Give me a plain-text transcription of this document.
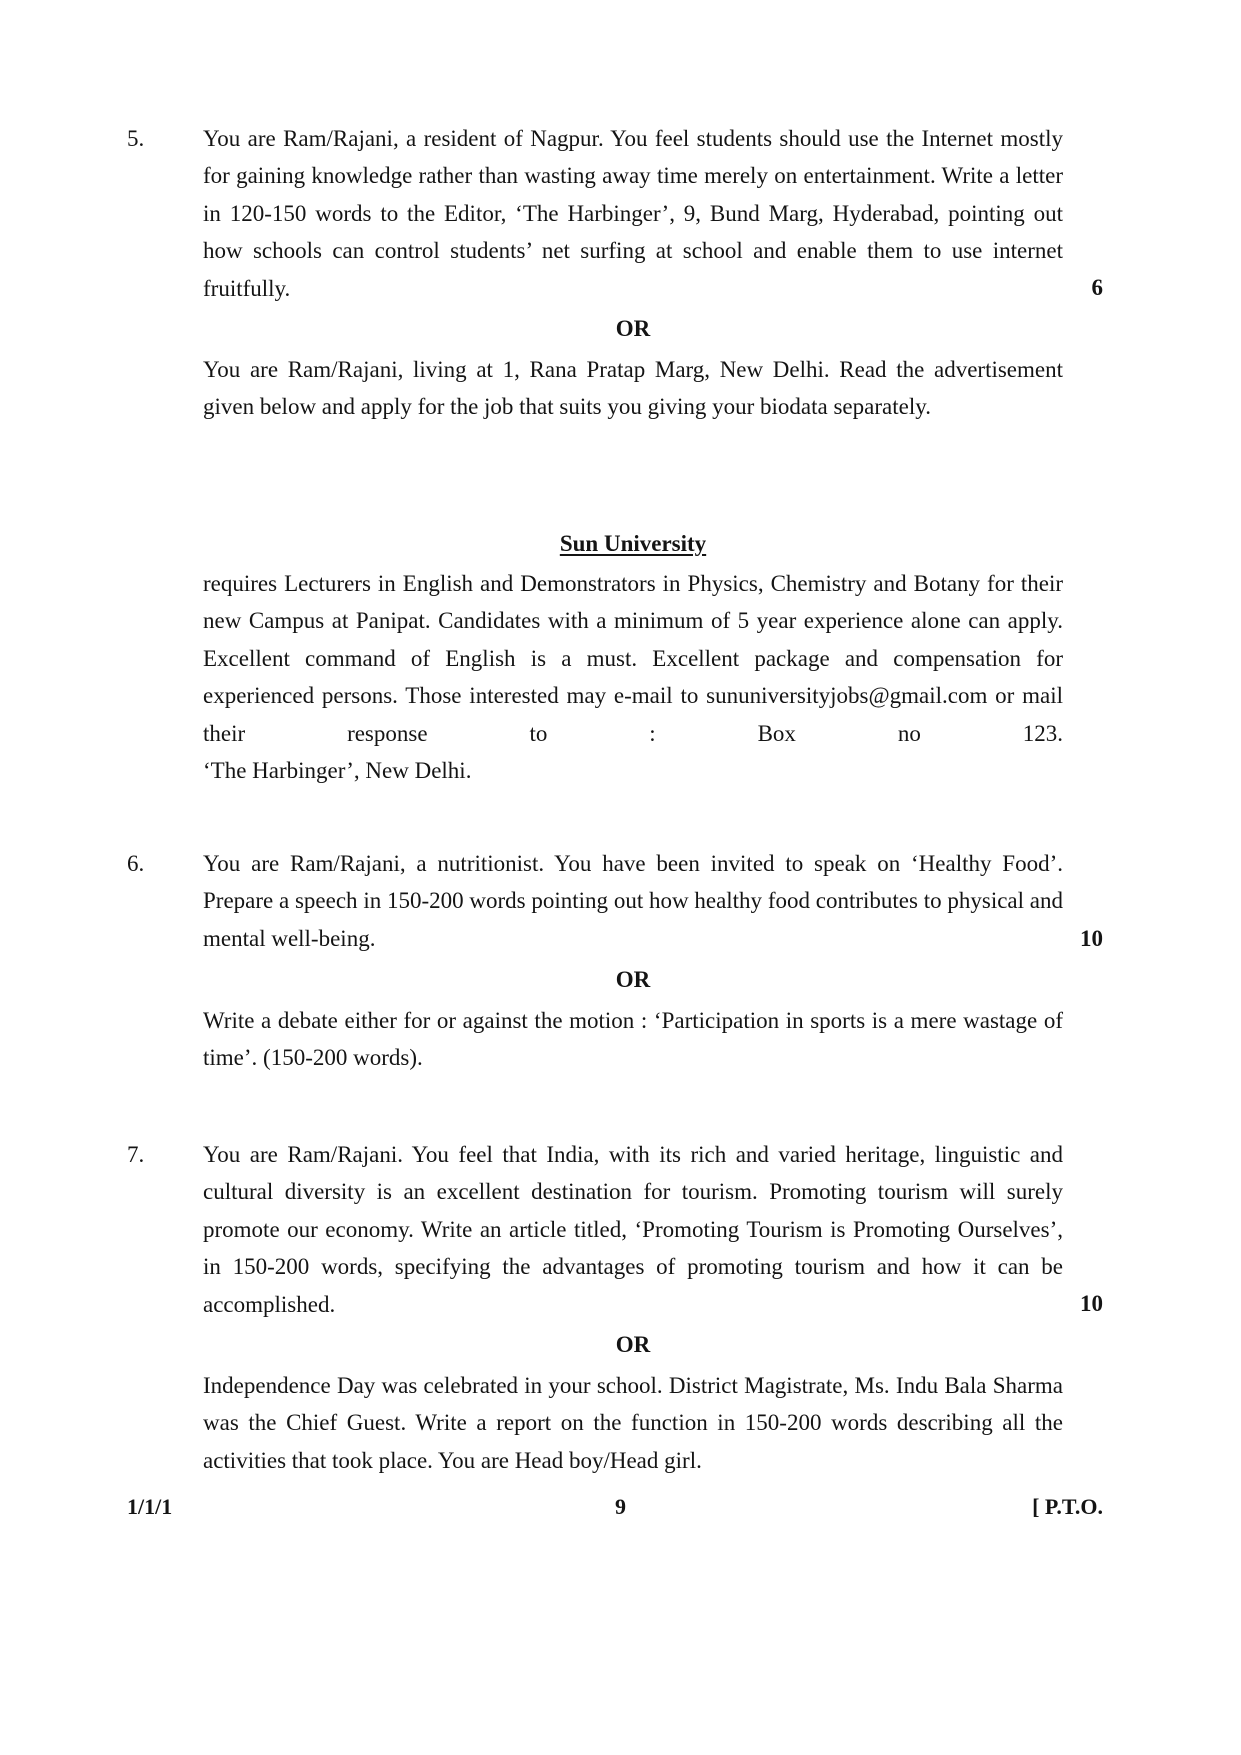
5.	You are Ram/Rajani, a resident of Nagpur. You feel students should use the Internet mostly for gaining knowledge rather than wasting away time merely on entertainment. Write a letter in 120-150 words to the Editor, ‘The Harbinger’, 9, Bund Marg, Hyderabad, pointing out how schools can control students’ net surfing at school and enable them to use internet fruitfully.	6
OR

You are Ram/Rajani, living at 1, Rana Pratap Marg, New Delhi. Read the advertisement given below and apply for the job that suits you giving your biodata separately.

Sun University

requires Lecturers in English and Demonstrators in Physics, Chemistry and Botany for their new Campus at Panipat. Candidates with a minimum of 5 year experience alone can apply. Excellent command of English is a must. Excellent package and compensation for experienced persons. Those interested may e-mail to sununiversityjobs@gmail.com or mail their response to : Box no 123.

‘The Harbinger’, New Delhi.

6.	You are Ram/Rajani, a nutritionist. You have been invited to speak on ‘Healthy Food’. Prepare a speech in 150-200 words pointing out how healthy food contributes to physical and mental well-being.	10
OR

Write a debate either for or against the motion : ‘Participation in sports is a mere wastage of time’. (150-200 words).

7.	You are Ram/Rajani. You feel that India, with its rich and varied heritage, linguistic and cultural diversity is an excellent destination for tourism. Promoting tourism will surely promote our economy. Write an article titled, ‘Promoting Tourism is Promoting Ourselves’, in 150-200 words, specifying the advantages of promoting tourism and how it can be accomplished.	10
OR

Independence Day was celebrated in your school. District Magistrate, Ms. Indu Bala Sharma was the Chief Guest. Write a report on the function in 150-200 words describing all the activities that took place. You are Head boy/Head girl.

1/1/1	9	[ P.T.O.
